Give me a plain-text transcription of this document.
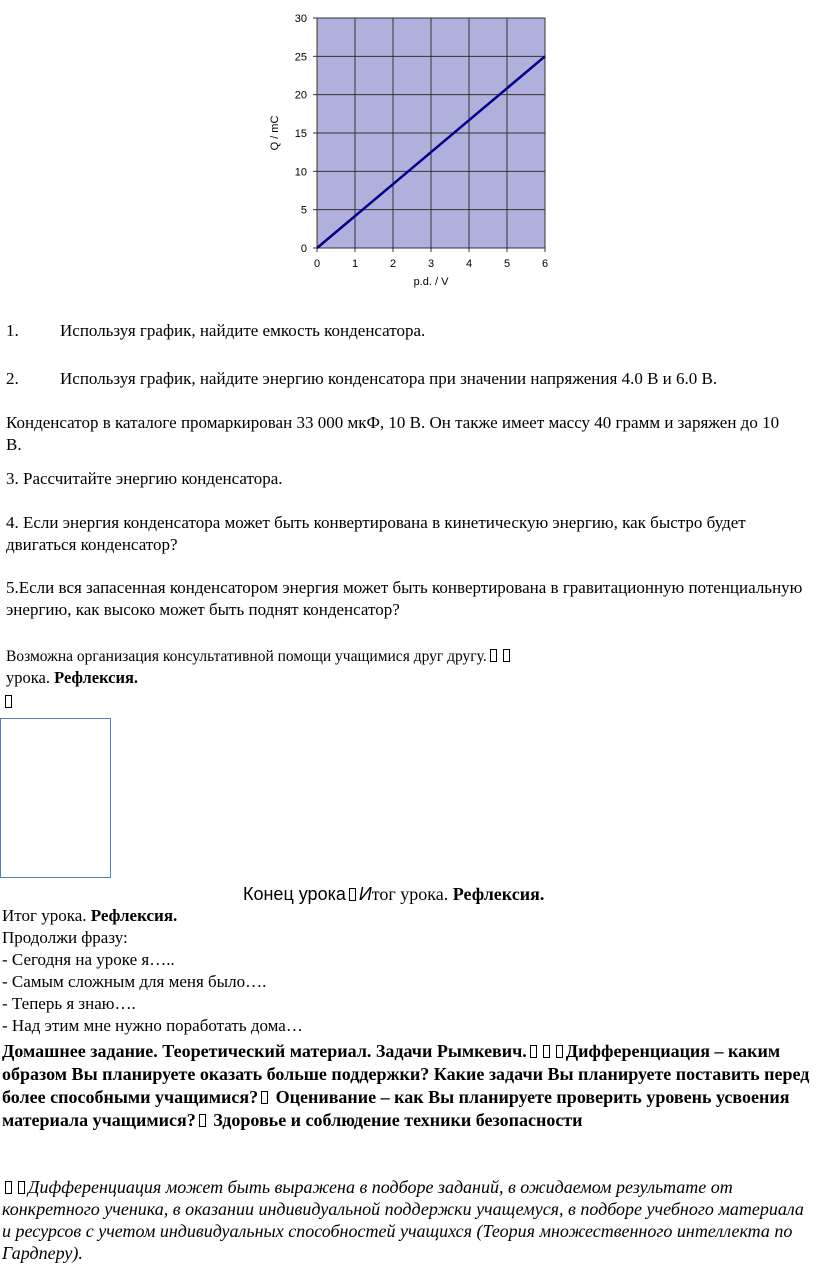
0	1	2	3	4	5	6
0
5
10
15
20
25
30
p.d. / V
Q / mC
1. Используя график, найдите емкость конденсатора.
2. Используя график, найдите энергию конденсатора при значении напряжения 4.0 В и 6.0 В.
Конденсатор в каталоге промаркирован 33 000 мкФ, 10 В. Он также имеет массу 40 грамм и заряжен до 10 В.
3. Рассчитайте энергию конденсатора.
4. Если энергия конденсатора может быть конвертирована в кинетическую энергию, как быстро будет двигаться конденсатор?
5.Если вся запасенная конденсатором энергия может быть конвертирована в гравитационную потенциальную энергию, как высоко может быть поднят конденсатор?
Возможна организация консультативной помощи учащимися друг другу.
урока. Рефлексия.
Конец урока Итог урока. Рефлексия.
Итог урока. Рефлексия.
Продолжи фразу:
- Сегодня на уроке я…..
- Самым сложным для меня было….
- Теперь я знаю….
- Над этим мне нужно поработать дома…
Домашнее задание. Теоретический материал. Задачи Рымкевич. Дифференциация – каким образом Вы планируете оказать больше поддержки? Какие задачи Вы планируете поставить перед более способными учащимися? Оценивание – как Вы планируете проверить уровень усвоения материала учащимися? Здоровье и соблюдение техники безопасности
Дифференциация может быть выражена в подборе заданий, в ожидаемом результате от конкретного ученика, в оказании индивидуальной поддержки учащемуся, в подборе учебного материала и ресурсов с учетом индивидуальных способностей учащихся (Теория множественного интеллекта по Гардneру).
